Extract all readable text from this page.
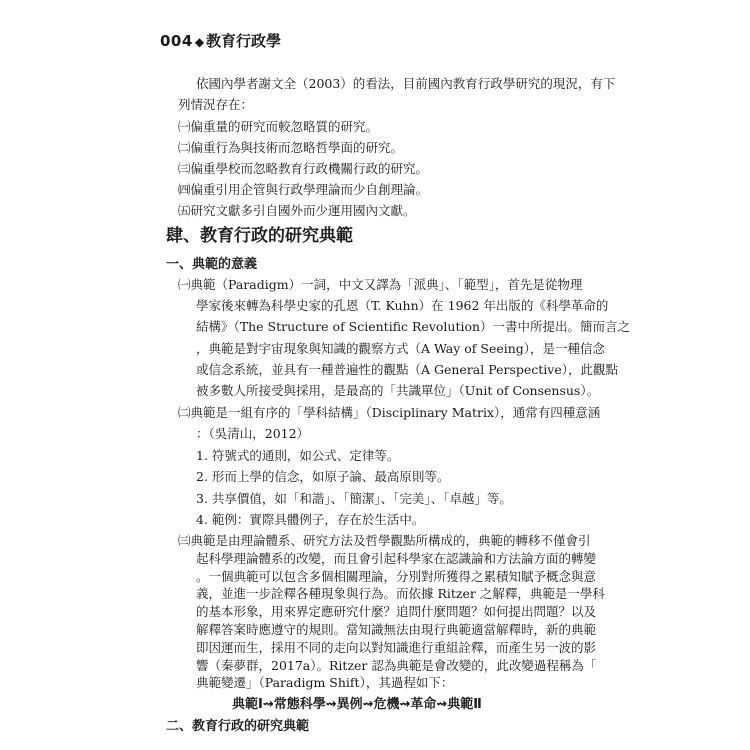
004 ◆ 教育行政學
依國內學者謝文全（2003）的看法，目前國內教育行政學研究的現況，有下
列情況存在：
㈠偏重量的研究而較忽略質的研究。
㈡偏重行為與技術而忽略哲學面的研究。
㈢偏重學校而忽略教育行政機關行政的研究。
㈣偏重引用企管與行政學理論而少自創理論。
㈤研究文獻多引自國外而少運用國內文獻。
肆、教育行政的研究典範
一、典範的意義
㈠典範（Paradigm）一詞，中文又譯為「派典」、「範型」，首先是從物理
學家後來轉為科學史家的孔恩（T. Kuhn）在 1962 年出版的《科學革命的
結構》（The Structure of Scientific Revolution）一書中所提出。簡而言之
，典範是對宇宙現象與知識的觀察方式（A Way of Seeing），是一種信念
或信念系統，並具有一種普遍性的觀點（A General Perspective），此觀點
被多數人所接受與採用，是最高的「共識單位」（Unit of Consensus）。
㈡典範是一組有序的「學科結構」（Disciplinary Matrix），通常有四種意涵
：（吳清山，2012）
1. 符號式的通則，如公式、定律等。
2. 形而上學的信念，如原子論、最高原則等。
3. 共享價值，如「和諧」、「簡潔」、「完美」、「卓越」等。
4. 範例：實際具體例子，存在於生活中。
㈢典範是由理論體系、研究方法及哲學觀點所構成的，典範的轉移不僅會引
二、教育行政的研究典範
起科學理論體系的改變，而且會引起科學家在認識論和方法論方面的轉變
。一個典範可以包含多個相關理論，分別對所獲得之累積知賦予概念與意
義，並進一步詮釋各種現象與行為。而依據 Ritzer 之解釋，典範是一學科
的基本形象，用來界定應研究什麼？追問什麼問題？如何提出問題？以及
解釋答案時應遵守的規則。當知識無法由現行典範適當解釋時，新的典範
即因運而生，採用不同的走向以對知識進行重組詮釋，而產生另一波的影
響（秦夢群，2017a）。Ritzer 認為典範是會改變的，此改變過程稱為「
典範變遷」（Paradigm Shift），其過程如下：
典範Ⅰ⇝常態科學⇝異例⇝危機⇝革命⇝典範Ⅱ
